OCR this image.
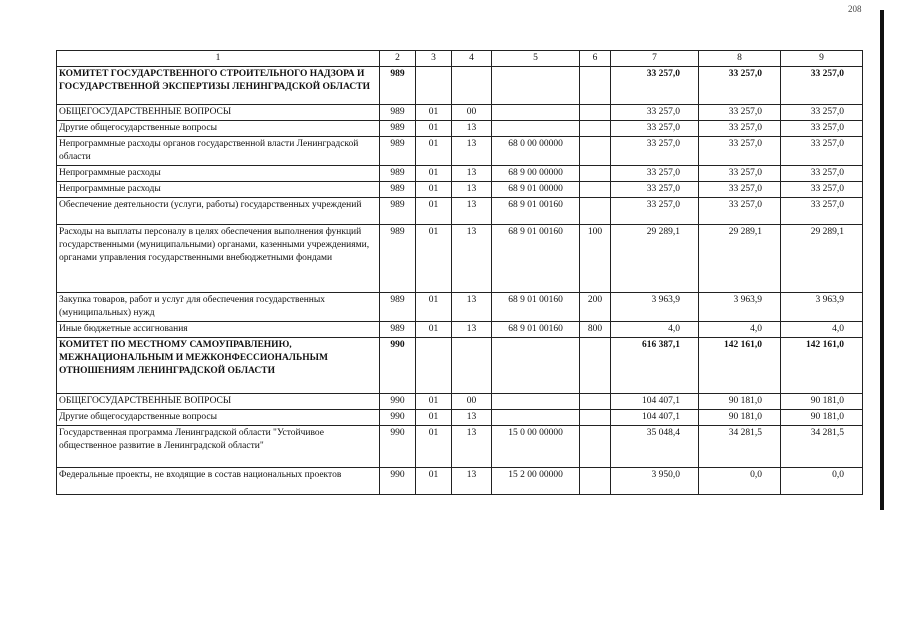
208
1	2	3	4	5	6	7	8	9
КОМИТЕТ ГОСУДАРСТВЕННОГО СТРОИТЕЛЬНОГО НАДЗОРА И ГОСУДАРСТВЕННОЙ ЭКСПЕРТИЗЫ ЛЕНИНГРАДСКОЙ ОБЛАСТИ	989					33 257,0	33 257,0	33 257,0
ОБЩЕГОСУДАРСТВЕННЫЕ ВОПРОСЫ	989	01	00			33 257,0	33 257,0	33 257,0
Другие общегосударственные вопросы	989	01	13			33 257,0	33 257,0	33 257,0
Непрограммные расходы органов государственной власти Ленинградской области	989	01	13	68 0 00 00000		33 257,0	33 257,0	33 257,0
Непрограммные расходы	989	01	13	68 9 00 00000		33 257,0	33 257,0	33 257,0
Непрограммные расходы	989	01	13	68 9 01 00000		33 257,0	33 257,0	33 257,0
Обеспечение деятельности (услуги, работы) государственных учреждений	989	01	13	68 9 01 00160		33 257,0	33 257,0	33 257,0
Расходы на выплаты персоналу в целях обеспечения выполнения функций государственными (муниципальными) органами, казенными учреждениями, органами управления государственными внебюджетными фондами	989	01	13	68 9 01 00160	100	29 289,1	29 289,1	29 289,1
Закупка товаров, работ и услуг для обеспечения государственных (муниципальных) нужд	989	01	13	68 9 01 00160	200	3 963,9	3 963,9	3 963,9
Иные бюджетные ассигнования	989	01	13	68 9 01 00160	800	4,0	4,0	4,0
КОМИТЕТ ПО МЕСТНОМУ САМОУПРАВЛЕНИЮ, МЕЖНАЦИОНАЛЬНЫМ И МЕЖКОНФЕССИОНАЛЬНЫМ ОТНОШЕНИЯМ ЛЕНИНГРАДСКОЙ ОБЛАСТИ	990					616 387,1	142 161,0	142 161,0
ОБЩЕГОСУДАРСТВЕННЫЕ ВОПРОСЫ	990	01	00			104 407,1	90 181,0	90 181,0
Другие общегосударственные вопросы	990	01	13			104 407,1	90 181,0	90 181,0
Государственная программа Ленинградской области "Устойчивое общественное развитие в Ленинградской области"	990	01	13	15 0 00 00000		35 048,4	34 281,5	34 281,5
Федеральные проекты, не входящие в состав национальных проектов	990	01	13	15 2 00 00000		3 950,0	0,0	0,0
